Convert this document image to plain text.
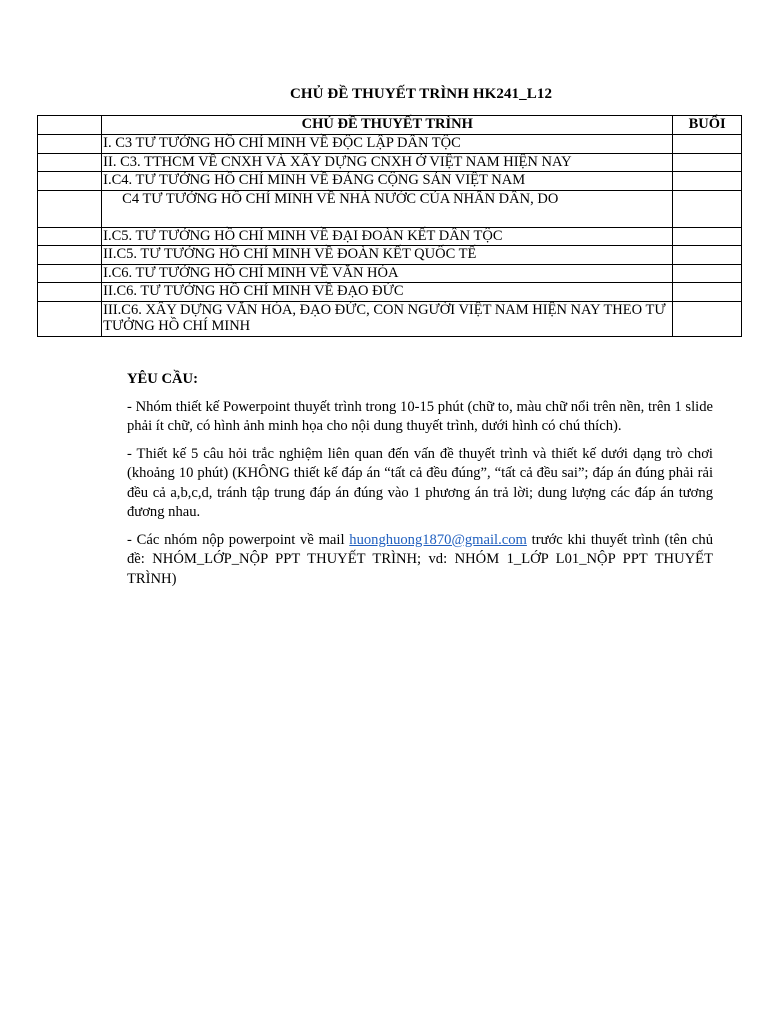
CHỦ ĐỀ THUYẾT TRÌNH HK241_L12
	CHỦ ĐỀ THUYẾT TRÌNH	BUỔI
	I. C3 TƯ TƯỞNG HỒ CHÍ MINH VỀ ĐỘC LẬP DÂN TỘC	
	II. C3. TTHCM VỀ CNXH VÀ XÂY DỰNG CNXH Ở VIỆT NAM HIỆN NAY	
	I.C4. TƯ TƯỞNG HỒ CHÍ MINH VỀ ĐẢNG CỘNG SẢN VIỆT NAM	
	C4 TƯ TƯỞNG HỒ CHÍ MINH VỀ NHÀ NƯỚC CỦA NHÂN DÂN, DO	
	I.C5. TƯ TƯỞNG HỒ CHÍ MINH VỀ ĐẠI ĐOÀN KẾT DÂN TỘC	
	II.C5. TƯ TƯỞNG HỒ CHÍ MINH VỀ ĐOÀN KẾT QUỐC TẾ	
	I.C6. TƯ TƯỞNG HỒ CHÍ MINH VỀ VĂN HÓA	
	II.C6. TƯ TƯỞNG HỒ CHÍ MINH VỀ ĐẠO ĐỨC	
	III.C6. XÂY DỰNG VĂN HÓA, ĐẠO ĐỨC, CON NGƯỜI VIỆT NAM HIỆN NAY THEO TƯ TƯỞNG HỒ CHÍ MINH	
YÊU CẦU:

- Nhóm thiết kế Powerpoint thuyết trình trong 10-15 phút (chữ to, màu chữ nổi trên nền, trên 1 slide phải ít chữ, có hình ảnh minh họa cho nội dung thuyết trình, dưới hình có chú thích).

- Thiết kế 5 câu hỏi trắc nghiệm liên quan đến vấn đề thuyết trình và thiết kế dưới dạng trò chơi (khoảng 10 phút) (KHÔNG thiết kế đáp án “tất cả đều đúng”, “tất cả đều sai”; đáp án đúng phải rải đều cả a,b,c,d, tránh tập trung đáp án đúng vào 1 phương án trả lời; dung lượng các đáp án tương đương nhau.

- Các nhóm nộp powerpoint về mail huonghuong1870@gmail.com trước khi thuyết trình (tên chủ đề: NHÓM_LỚP_NỘP PPT THUYẾT TRÌNH; vd: NHÓM 1_LỚP L01_NỘP PPT THUYẾT TRÌNH)
